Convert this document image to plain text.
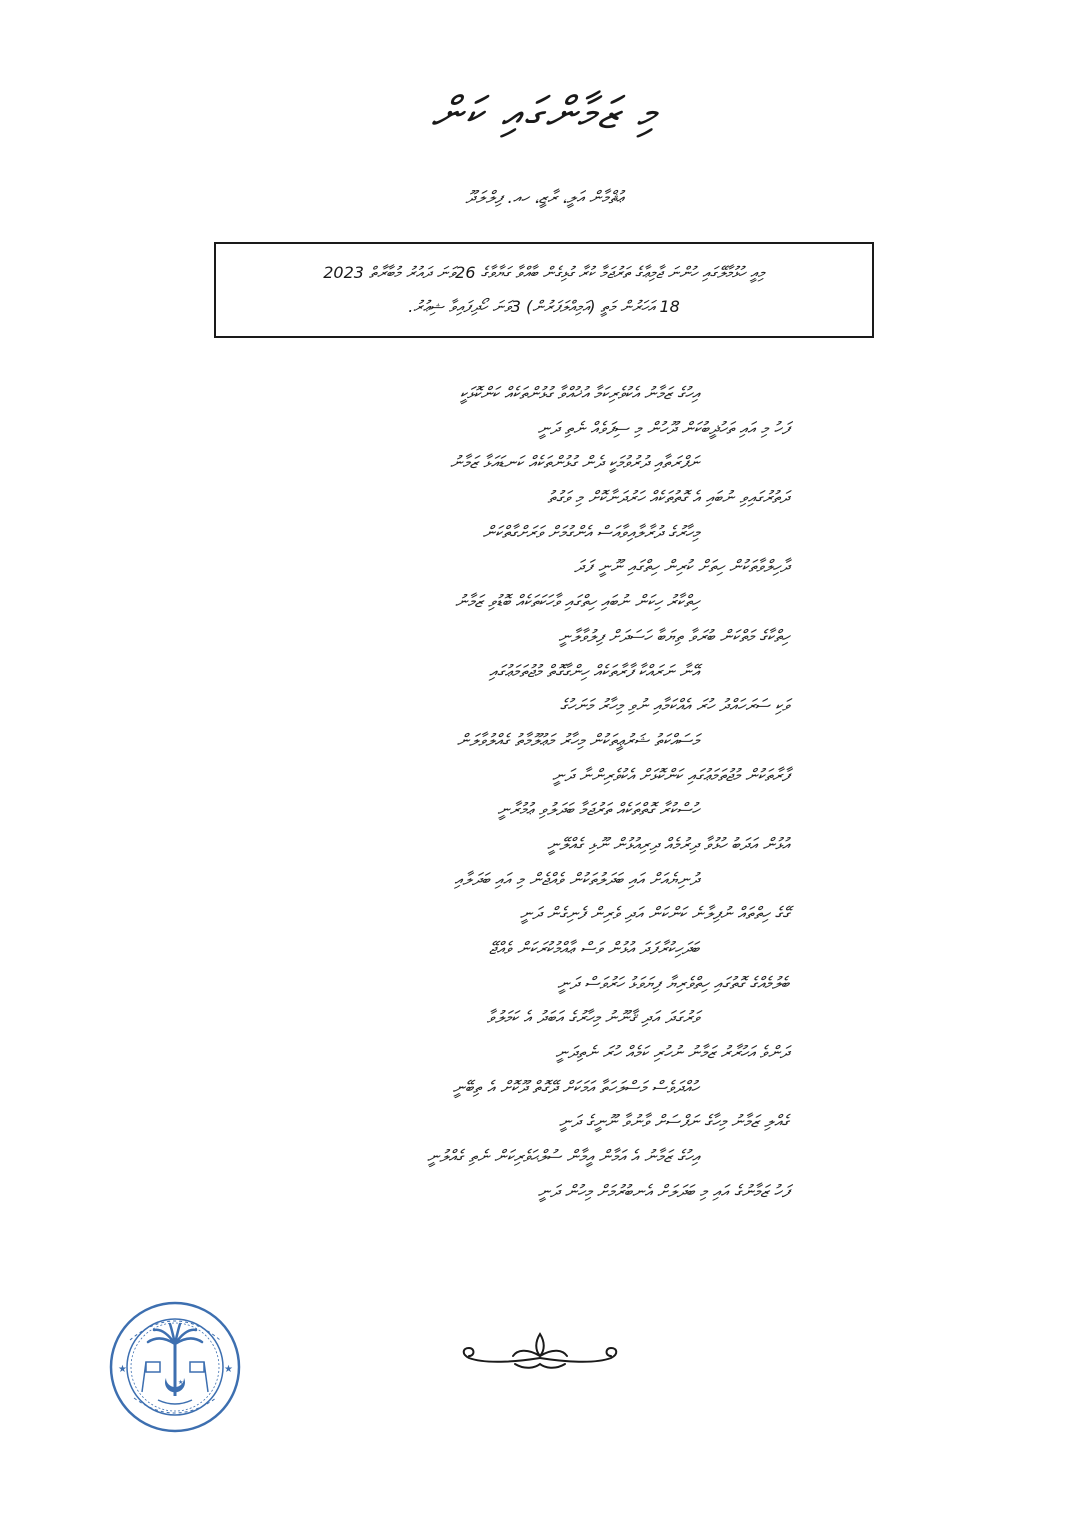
މި ޒަމާންގައި ކަން
ޢުޘްމާން އަލީ، ރާޒީ، ހއ. ފިލްލަދޫ
މިއީ ހުޅުމާލޭގައި ހުންނަ ޖާމިޢާގެ ތަރުޖަމާ ކުރާ ގުޅިގެން ބާއްވާ ގަޔާވާގެ 26ވަނަ ދައުރު މުބާރާތް 2023
18 އަހަރުން މަތީ (އަމިއްލަފަރުން) 3ވަނަ ހޯދިފައިވާ ޝިޢުރު.
އިހުގެ ޒަމާނު އެކުވެރިކަމާ އުޚުއްވާ ގުޅުންތަކެއް ކަންކޮޅަކީ
ފަހު މި އައި ތަހުޛީބުކަން ދޫހުން މި ސިފަވެއް ނެތި ދަނީ
ނަފްރަތާއި ދުރުވުމަކީ ދެން ގުޅުންތަކެއް ކަނޑައަޅާ ޒަމާނު
ދަތުރުގައިވި ނުބައި އެ ގޮތުތަކެއް ހަރުދަނާކޮށް މި ވަގުތު
މިހާރުގެ ދުރާލާއިވާއަސް އެންގުމަށް ވަރަށްގާތްކަން
ދާހިލްވާތަކުން ހިތަށް ކުރިން ހިތްގައި ނޫނީ ފަދަ
ހިތްކާރު ހިކަން ނުބައި ހިތްގައި ވާހަކަތަކެއް ބޮޑުވި ޒަމާނު
ހިތްކާގެ މަތްކަން ބުރަވާ ތިޔަބާ ހަސަދަށް ފިލުވާލާނީ
އޭނާ ނަރައްކާ ފާރާތަކެއް ހިންގާގޮތް މުޖުތަމަޢުގައި
ވަކި ސަރަހައްދު ހުރަ އެއްކަމާއި ނުވި މިހާރު މަނަހުގެ
މަސައްކަތު ޝަރުޢީތަކުން މިހާރު މަޢުލޫމާތު ގެއްލުވާލަން
ފާރާތަކުން މުޖުތަމަޢުގައި ކަންކޮޅަށް އެކުވެރިންނާ ދަނީ
ހުސްކުރާ ގޮތްތަކެއް ތަރުޖަމާ ބަދަލުވި ޢުމުރާނީ
އުޅުން އަދަބު ހުޅުވާ ދިރުމެއް ދިރިއުޅުން ނޫޅި ގެއްލޭނީ
ދުނިޔެއަށް އައި ބަދަލުތަކުން ވެއްޖެން މި އައި ބަދަލާއި
ގޭގެ ހިތްތައް ނުފިލާނެ ކަންކަން އަދި ވެރިން ފެނިގެން ދަނީ
ބަދަހިކުރާފަދަ އުޅުން ވަސް ޢާއްމުކުރަކަން ވެއްޖޭ
ބެލުމެއްގެ ގޮތުގައި ހިތްވެރިޔާ ފިޔަވަޅު ހަރުވަސް ދަނީ
ވަރުގަދަ އަދި ޤާނޫނު މިހާރުގެ އަބަދު އެ ކަމަލުވާ
ދަންވެ އަހުރާރު ޒަމާނު ނުހުރި ކަމެއް ހުރަ ނެތިދަނީ
ހުއްދަވެސް މަސްލަހަތާ އަމަކަށް ދޭގޮތް ދޫކޮށް އެ ތިބޭނީ
ގެއްލި ޒަމާނު މިހާގެ ނަފްސަށް ވާނުވާ ނޫނީގެ ދަނީ
އިހުގެ ޒަމާނު އެ އަމާން އީމާން ސުލްޙަވެރިކަން ނެތި ގެއްލުނީ
ފަހު ޒަމާނުގެ އައި މި ބަދަލަށް އެނބުރުމަށް މިހުން ދަނީ
★	★
★
